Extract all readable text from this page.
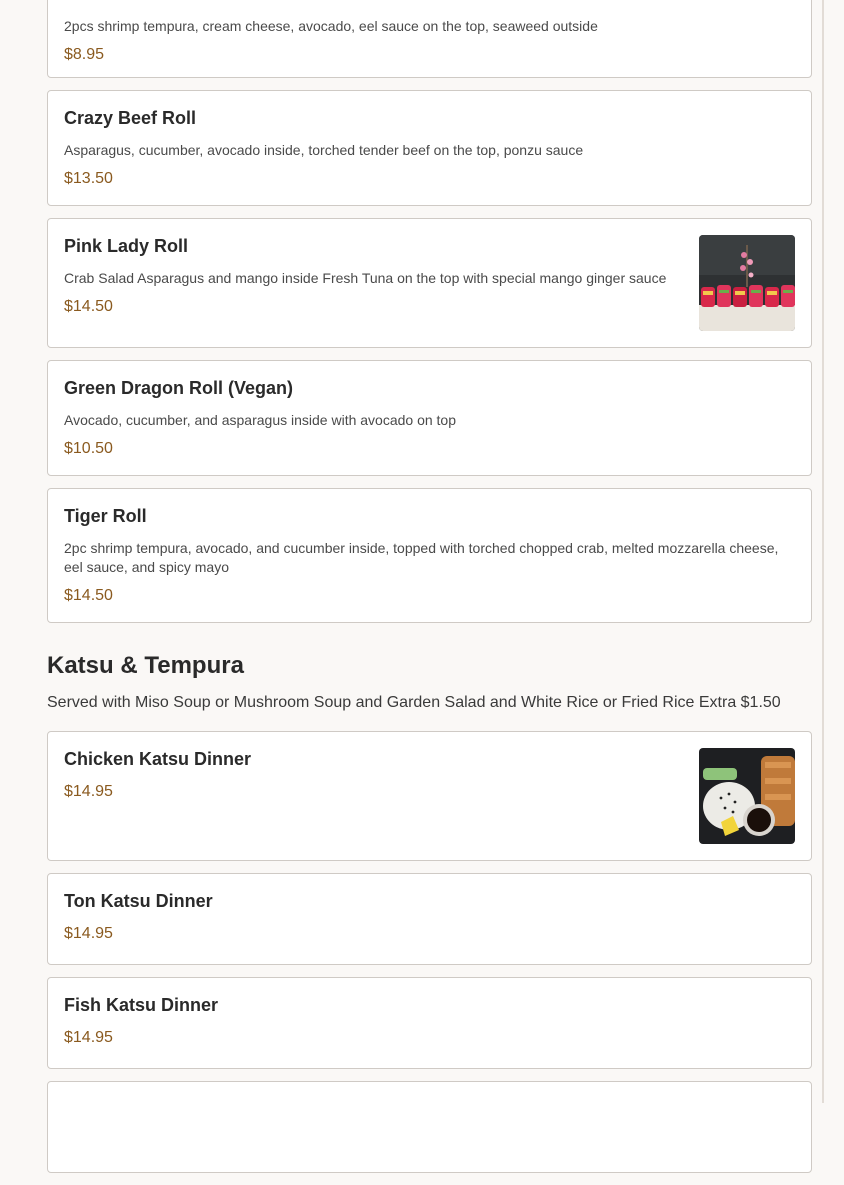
2pcs shrimp tempura, cream cheese, avocado, eel sauce on the top, seaweed outside

$8.95

Crazy Beef Roll

Asparagus, cucumber, avocado inside, torched tender beef on the top, ponzu sauce

$13.50

Pink Lady Roll

Crab Salad Asparagus and mango inside Fresh Tuna on the top with special mango ginger sauce

$14.50

Green Dragon Roll (Vegan)

Avocado, cucumber, and asparagus inside with avocado on top

$10.50

Tiger Roll

2pc shrimp tempura, avocado, and cucumber inside, topped with torched chopped crab, melted mozzarella cheese, eel sauce, and spicy mayo

$14.50

Katsu & Tempura

Served with Miso Soup or Mushroom Soup and Garden Salad and White Rice or Fried Rice Extra $1.50

Chicken Katsu Dinner

$14.95

Ton Katsu Dinner

$14.95

Fish Katsu Dinner

$14.95
